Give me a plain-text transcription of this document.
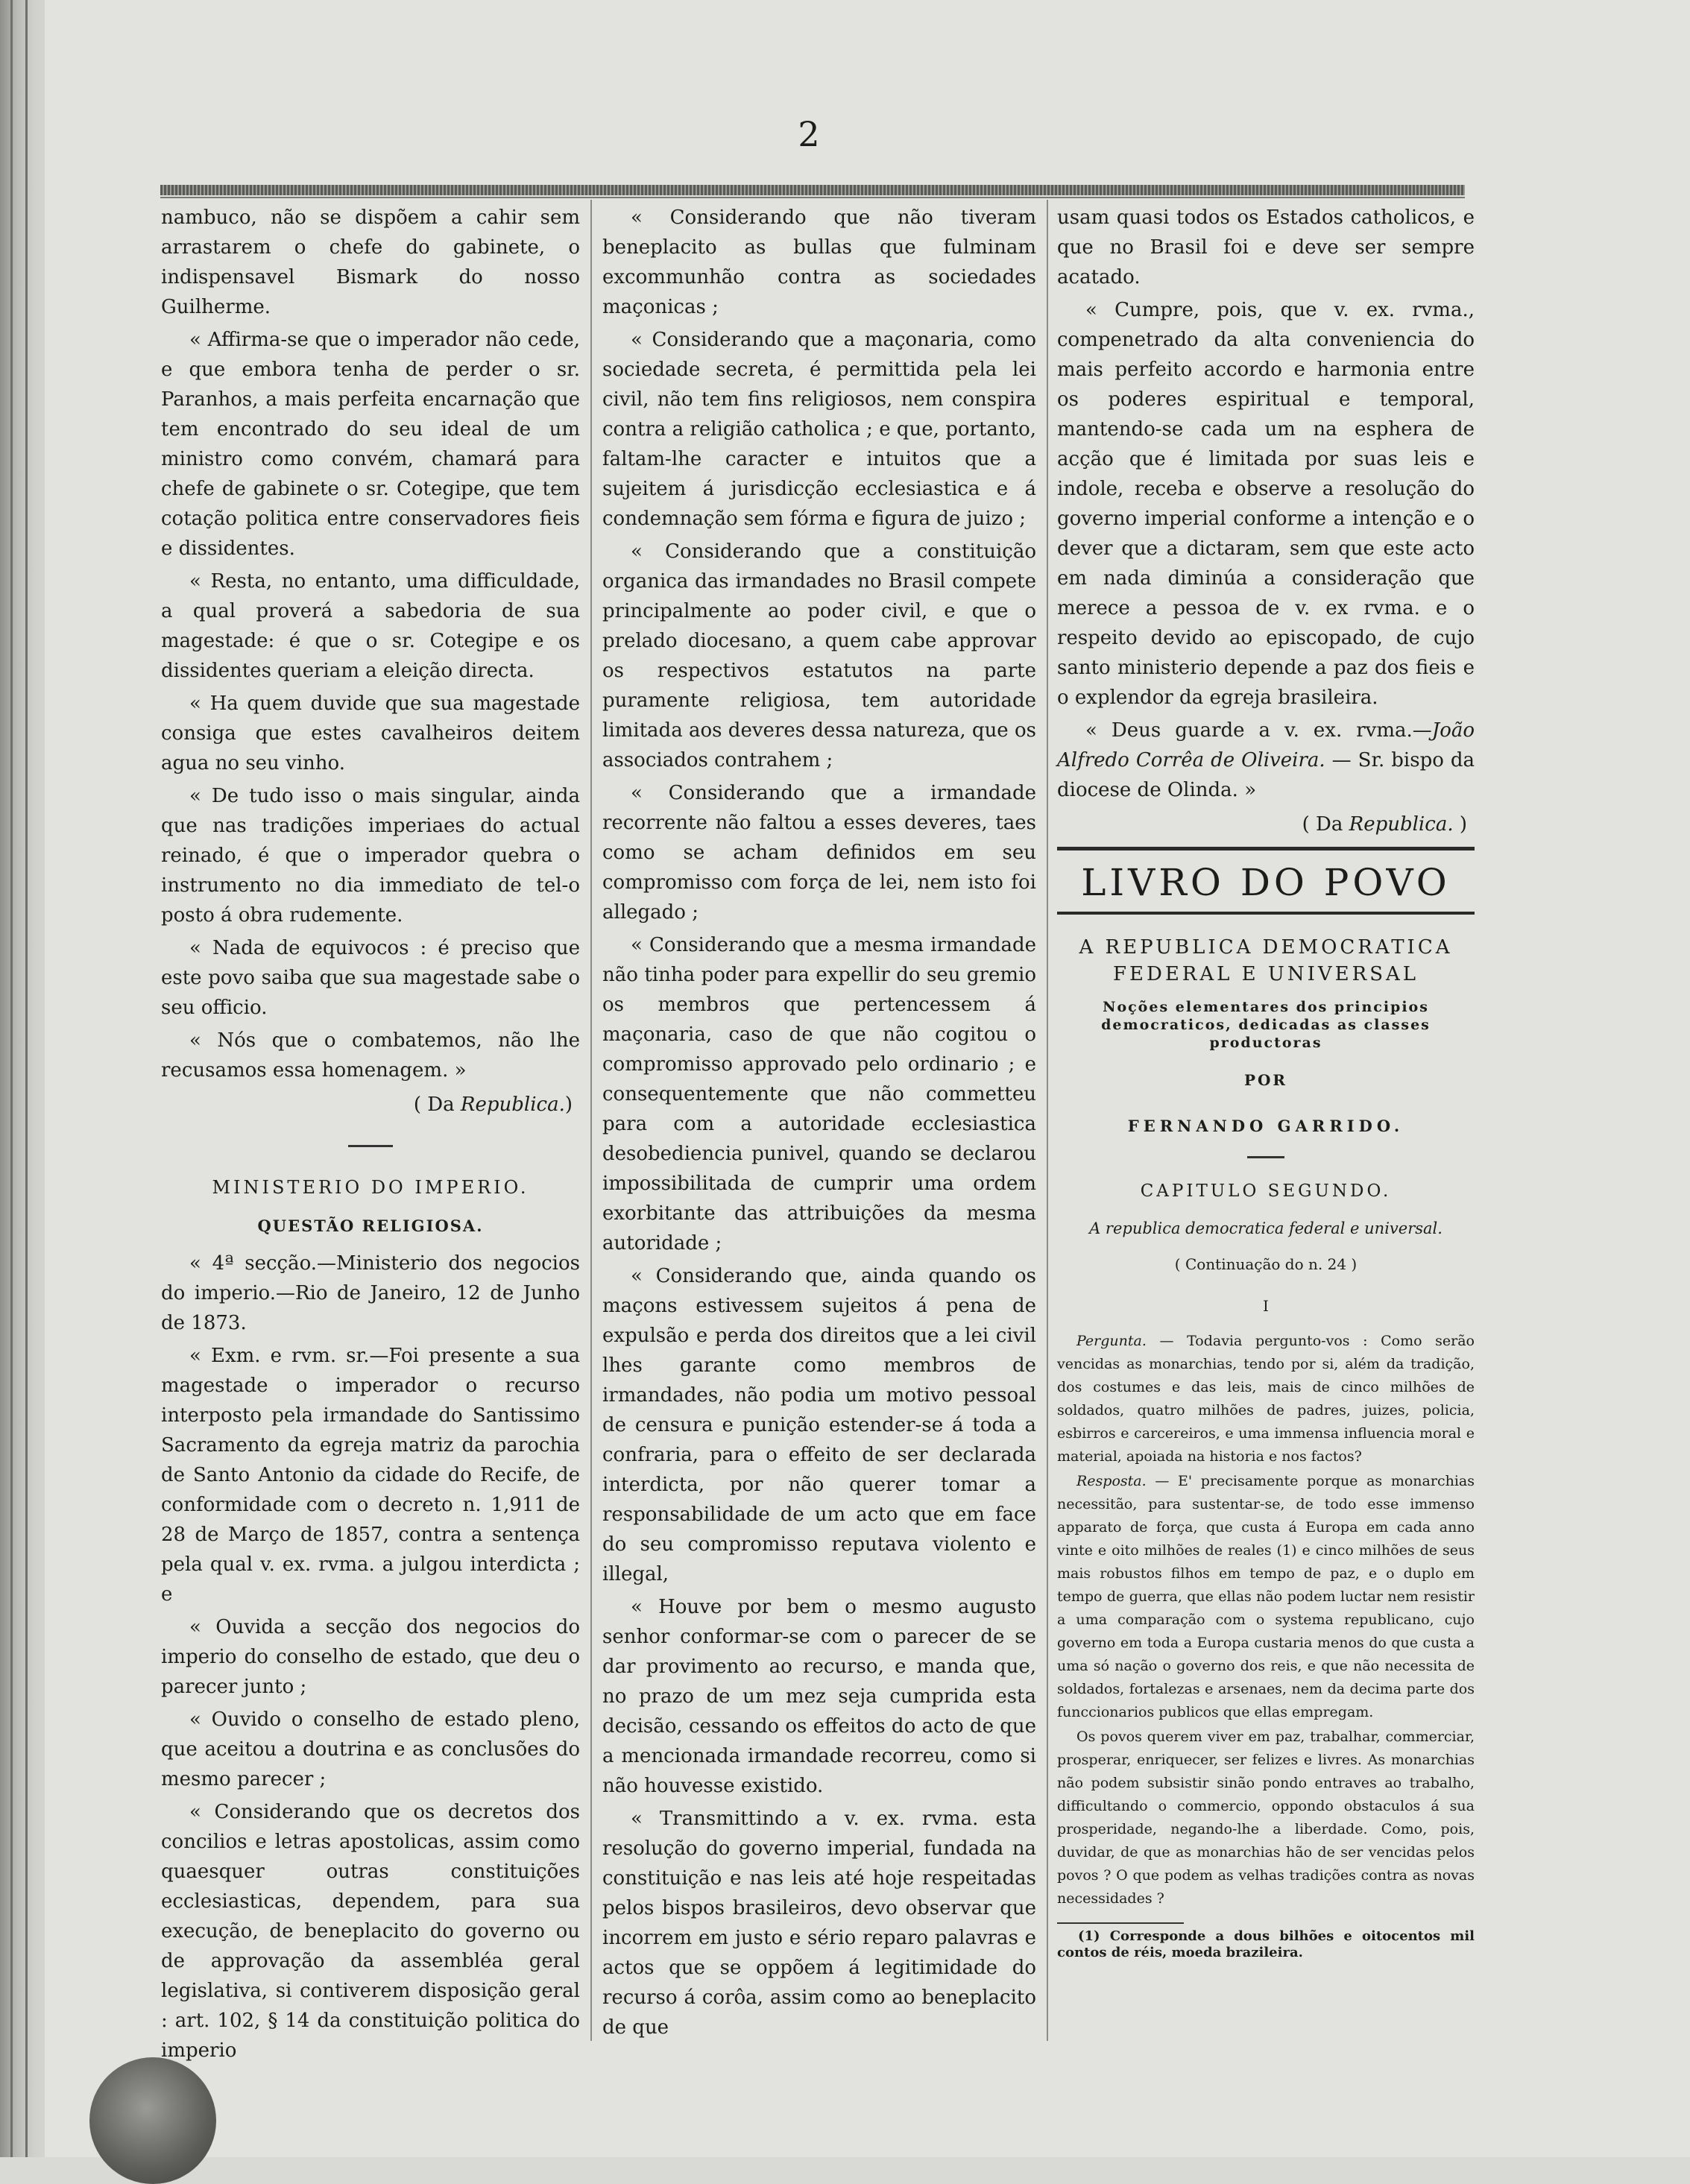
2

nambuco, não se dispõem a cahir sem arrastarem o chefe do gabinete, o indispensavel Bismark do nosso Guilherme.

« Affirma-se que o imperador não cede, e que embora tenha de perder o sr. Paranhos, a mais perfeita encarnação que tem encontrado do seu ideal de um ministro como convém, chamará para chefe de gabinete o sr. Cotegipe, que tem cotação politica entre conservadores fieis e dissidentes.

« Resta, no entanto, uma difficuldade, a qual proverá a sabedoria de sua magestade: é que o sr. Cotegipe e os dissidentes queriam a eleição directa.

« Ha quem duvide que sua magestade consiga que estes cavalheiros deitem agua no seu vinho.

« De tudo isso o mais singular, ainda que nas tradições imperiaes do actual reinado, é que o imperador quebra o instrumento no dia immediato de tel-o posto á obra rudemente.

« Nada de equivocos : é preciso que este povo saiba que sua magestade sabe o seu officio.

« Nós que o combatemos, não lhe recusamos essa homenagem. »

( Da Republica.)
MINISTERIO DO IMPERIO.
QUESTÃO RELIGIOSA.

« 4ª secção.—Ministerio dos negocios do imperio.—Rio de Janeiro, 12 de Junho de 1873.

« Exm. e rvm. sr.—Foi presente a sua magestade o imperador o recurso interposto pela irmandade do Santissimo Sacramento da egreja matriz da parochia de Santo Antonio da cidade do Recife, de conformidade com o decreto n. 1,911 de 28 de Março de 1857, contra a sentença pela qual v. ex. rvma. a julgou interdicta ; e

« Ouvida a secção dos negocios do imperio do conselho de estado, que deu o parecer junto ;

« Ouvido o conselho de estado pleno, que aceitou a doutrina e as conclusões do mesmo parecer ;

« Considerando que os decretos dos concilios e letras apostolicas, assim como quaesquer outras constituições ecclesiasticas, dependem, para sua execução, de beneplacito do governo ou de approvação da assembléa geral legislativa, si contiverem disposição geral : art. 102, § 14 da constituição politica do imperio

« Considerando que não tiveram beneplacito as bullas que fulminam excommunhão contra as sociedades maçonicas ;

« Considerando que a maçonaria, como sociedade secreta, é permittida pela lei civil, não tem fins religiosos, nem conspira contra a religião catholica ; e que, portanto, faltam-lhe caracter e intuitos que a sujeitem á jurisdicção ecclesiastica e á condemnação sem fórma e figura de juizo ;

« Considerando que a constituição organica das irmandades no Brasil compete principalmente ao poder civil, e que o prelado diocesano, a quem cabe approvar os respectivos estatutos na parte puramente religiosa, tem autoridade limitada aos deveres dessa natureza, que os associados contrahem ;

« Considerando que a irmandade recorrente não faltou a esses deveres, taes como se acham definidos em seu compromisso com força de lei, nem isto foi allegado ;

« Considerando que a mesma irmandade não tinha poder para expellir do seu gremio os membros que pertencessem á maçonaria, caso de que não cogitou o compromisso approvado pelo ordinario ; e consequentemente que não commetteu para com a autoridade ecclesiastica desobediencia punivel, quando se declarou impossibilitada de cumprir uma ordem exorbitante das attribuições da mesma autoridade ;

« Considerando que, ainda quando os maçons estivessem sujeitos á pena de expulsão e perda dos direitos que a lei civil lhes garante como membros de irmandades, não podia um motivo pessoal de censura e punição estender-se á toda a confraria, para o effeito de ser declarada interdicta, por não querer tomar a responsabilidade de um acto que em face do seu compromisso reputava violento e illegal,

« Houve por bem o mesmo augusto senhor conformar-se com o parecer de se dar provimento ao recurso, e manda que, no prazo de um mez seja cumprida esta decisão, cessando os effeitos do acto de que a mencionada irmandade recorreu, como si não houvesse existido.

« Transmittindo a v. ex. rvma. esta resolução do governo imperial, fundada na constituição e nas leis até hoje respeitadas pelos bispos brasileiros, devo observar que incorrem em justo e sério reparo palavras e actos que se oppõem á legitimidade do recurso á corôa, assim como ao beneplacito de que

usam quasi todos os Estados catholicos, e que no Brasil foi e deve ser sempre acatado.

« Cumpre, pois, que v. ex. rvma., compenetrado da alta conveniencia do mais perfeito accordo e harmonia entre os poderes espiritual e temporal, mantendo-se cada um na esphera de acção que é limitada por suas leis e indole, receba e observe a resolução do governo imperial conforme a intenção e o dever que a dictaram, sem que este acto em nada diminúa a consideração que merece a pessoa de v. ex rvma. e o respeito devido ao episcopado, de cujo santo ministerio depende a paz dos fieis e o explendor da egreja brasileira.

« Deus guarde a v. ex. rvma.—João Alfredo Corrêa de Oliveira. — Sr. bispo da diocese de Olinda. »

( Da Republica. )
LIVRO DO POVO
A REPUBLICA DEMOCRATICA
FEDERAL E UNIVERSAL
Noções elementares dos principios democraticos, dedicadas as classes productoras
POR
FERNANDO GARRIDO.
CAPITULO SEGUNDO.
A republica democratica federal e universal.
( Continuação do n. 24 )
I

Pergunta. — Todavia pergunto-vos : Como serão vencidas as monarchias, tendo por si, além da tradição, dos costumes e das leis, mais de cinco milhões de soldados, quatro milhões de padres, juizes, policia, esbirros e carcereiros, e uma immensa influencia moral e material, apoiada na historia e nos factos?

Resposta. — E' precisamente porque as monarchias necessitão, para sustentar-se, de todo esse immenso apparato de força, que custa á Europa em cada anno vinte e oito milhões de reales (1) e cinco milhões de seus mais robustos filhos em tempo de paz, e o duplo em tempo de guerra, que ellas não podem luctar nem resistir a uma comparação com o systema republicano, cujo governo em toda a Europa custaria menos do que custa a uma só nação o governo dos reis, e que não necessita de soldados, fortalezas e arsenaes, nem da decima parte dos funccionarios publicos que ellas empregam.

Os povos querem viver em paz, trabalhar, commerciar, prosperar, enriquecer, ser felizes e livres. As monarchias não podem subsistir sinão pondo entraves ao trabalho, difficultando o commercio, oppondo obstaculos á sua prosperidade, negando-lhe a liberdade. Como, pois, duvidar, de que as monarchias hão de ser vencidas pelos povos ? O que podem as velhas tradições contra as novas necessidades ?

(1) Corresponde a dous bilhões e oitocentos mil contos de réis, moeda brazileira.
